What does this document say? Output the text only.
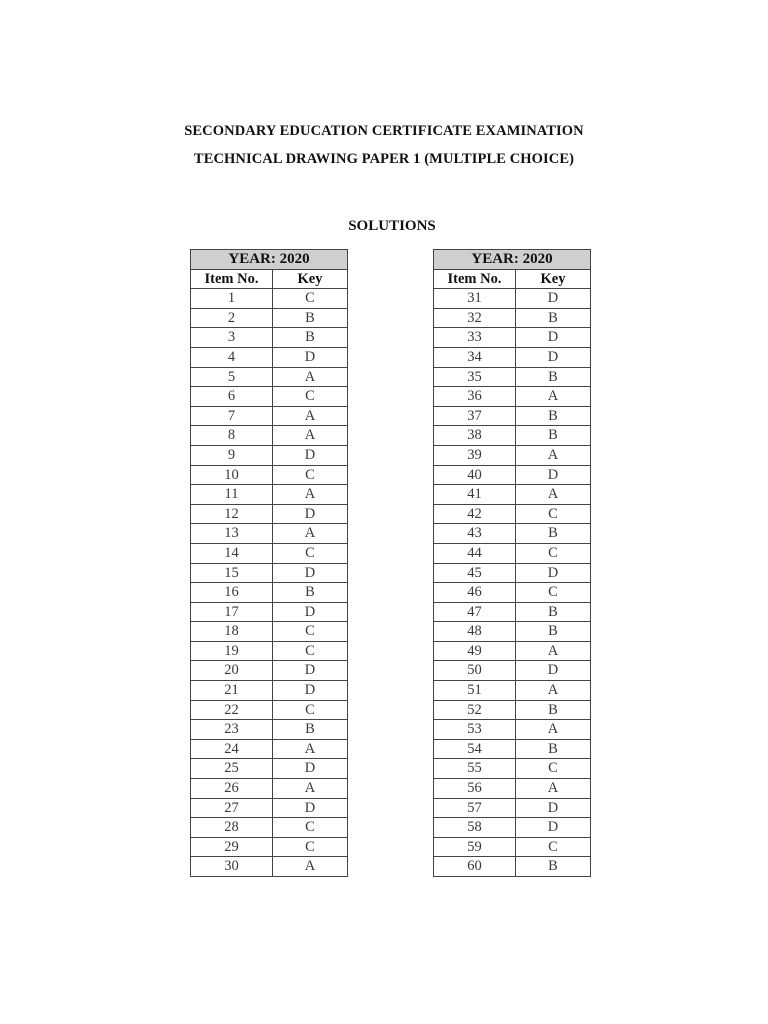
SECONDARY EDUCATION CERTIFICATE EXAMINATION
TECHNICAL DRAWING PAPER 1 (MULTIPLE CHOICE)
SOLUTIONS
YEAR: 2020	
Item No.	Key
1	C
2	B
3	B
4	D
5	A
6	C
7	A
8	A
9	D
10	C
11	A
12	D
13	A
14	C
15	D
16	B
17	D
18	C
19	C
20	D
21	D
22	C
23	B
24	A
25	D
26	A
27	D
28	C
29	C
30	A
YEAR: 2020	
Item No.	Key
31	D
32	B
33	D
34	D
35	B
36	A
37	B
38	B
39	A
40	D
41	A
42	C
43	B
44	C
45	D
46	C
47	B
48	B
49	A
50	D
51	A
52	B
53	A
54	B
55	C
56	A
57	D
58	D
59	C
60	B
